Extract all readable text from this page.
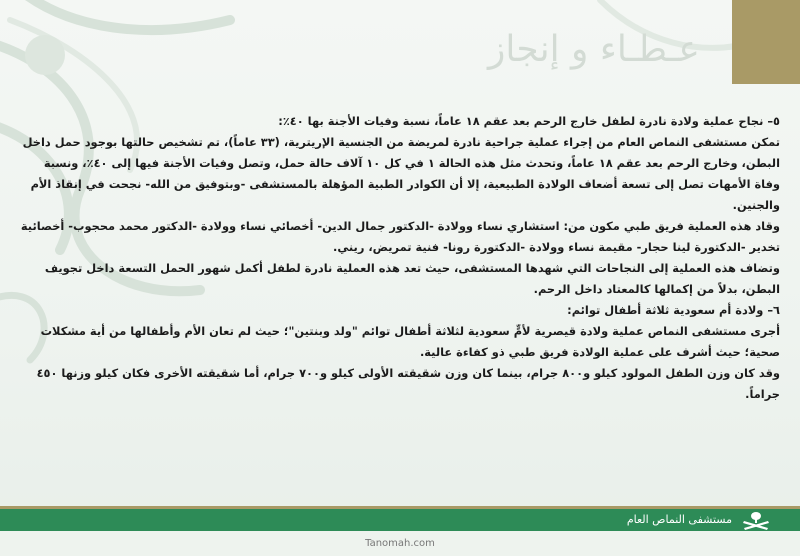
عـطـاء و إنجاز

٥– نجاح عملية ولادة نادرة لطفل خارج الرحم بعد عقم ١٨ عاماً، نسبة وفيات الأجنة بها ٤٠٪:

تمكن مستشفى النماص العام من إجراء عملية جراحية نادرة لمريضة من الجنسية الإريترية، (٣٣ عاماً)، تم تشخيص حالتها بوجود حمل داخل البطن، وخارج الرحم بعد عقم ١٨ عاماً، وتحدث مثل هذه الحالة ١ في كل ١٠ آلاف حالة حمل، وتصل وفيات الأجنة فيها إلى ٤٠٪، ونسبة وفاة الأمهات تصل إلى تسعة أضعاف الولادة الطبيعية، إلا أن الكوادر الطبية المؤهلة بالمستشفى -وبتوفيق من الله- نجحت في إنقاذ الأم والجنين.

وقاد هذه العملية فريق طبي مكون من: استشاري نساء وولادة -الدكتور جمال الدين- أخصائي نساء وولادة -الدكتور محمد محجوب- أخصائية تخدير -الدكتورة لينا حجار- مقيمة نساء وولادة -الدكتورة رونا- فنية تمريض، ريني.

وتضاف هذه العملية إلى النجاحات التي شهدها المستشفى، حيث تعد هذه العملية نادرة لطفل أكمل شهور الحمل التسعة داخل تجويف البطن، بدلاً من إكمالها كالمعتاد داخل الرحم.

٦– ولادة أم سعودية ثلاثة أطفال توائم:

أجرى مستشفى النماص عملية ولادة قيصرية لأمٍّ سعودية لثلاثة أطفال توائم "ولد وبنتين"؛ حيث لم تعان الأم وأطفالها من أية مشكلات صحية؛ حيث أشرف على عملية الولادة فريق طبي ذو كفاءة عالية.

وقد كان وزن الطفل المولود كيلو و٨٠٠ جرام، بينما كان وزن شقيقته الأولى كيلو و٧٠٠ جرام، أما شقيقته الأخرى فكان كيلو وزنها ٤٥٠ جراماً.

مستشفى النماص العام
Tanomah.com
